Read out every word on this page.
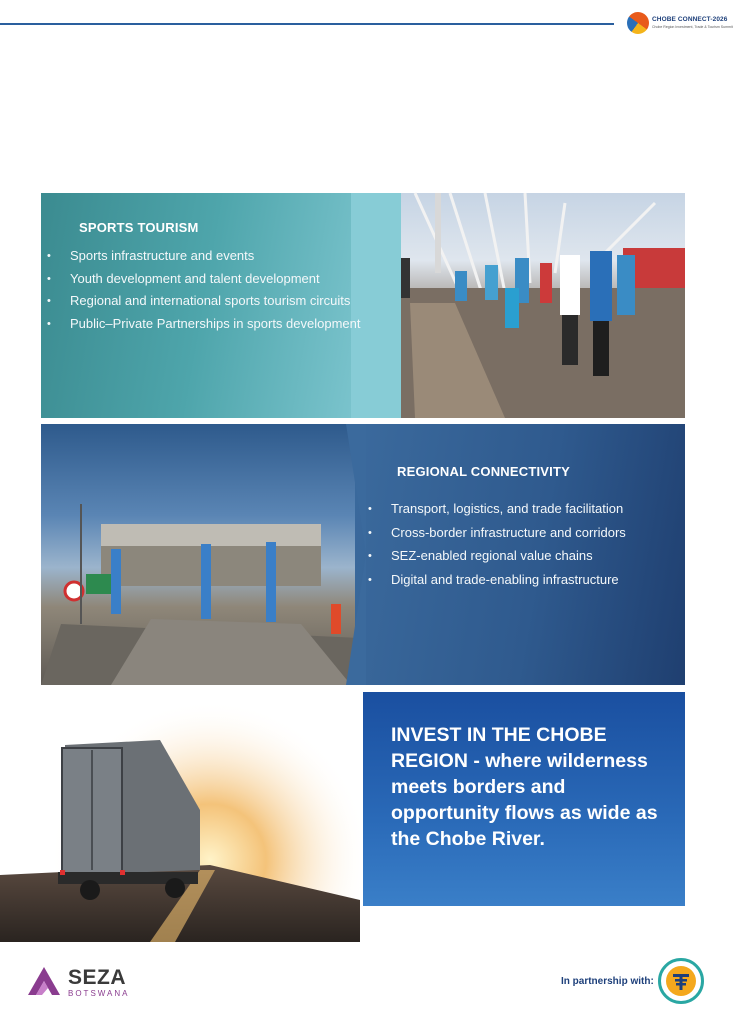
CHOBE CONNECT-2026
Chobe Region Investment, Trade & Tourism Summit
SPORTS TOURISM
• Sports infrastructure and events
• Youth development and talent development
• Regional and international sports tourism circuits
• Public–Private Partnerships in sports development
REGIONAL CONNECTIVITY
• Transport, logistics, and trade facilitation
• Cross-border infrastructure and corridors
• SEZ-enabled regional value chains
• Digital and trade-enabling infrastructure
INVEST IN THE CHOBE REGION - where wilderness meets borders and opportunity flows as wide as the Chobe River.
SEZA
BOTSWANA
In partnership with:
